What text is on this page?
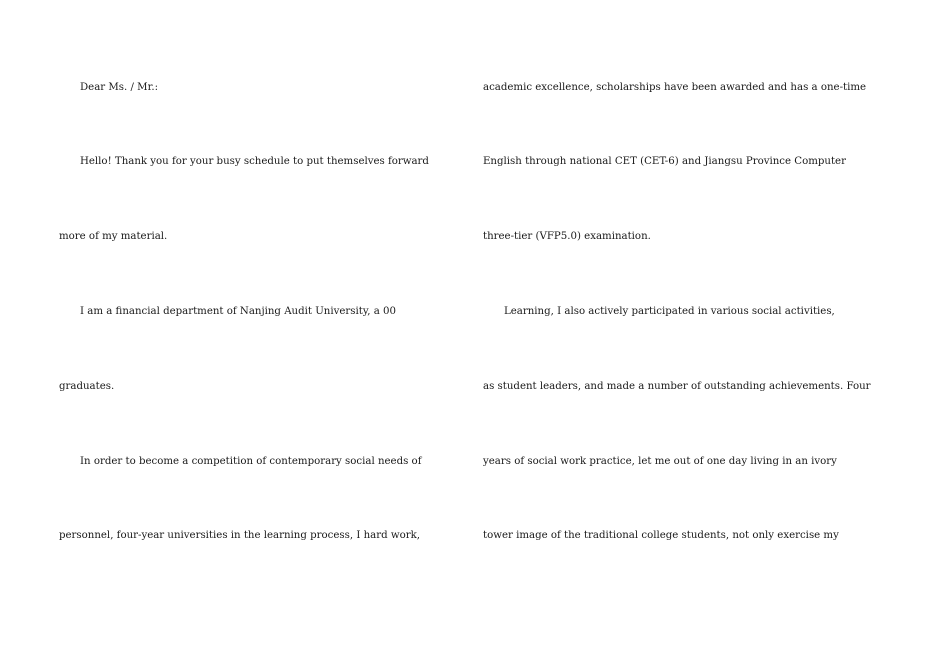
Dear Ms. / Mr.:
Hello! Thank you for your busy schedule to put themselves forward
more of my material.
I am a financial department of Nanjing Audit University, a 00
graduates.
In order to become a competition of contemporary social needs of
personnel, four-year universities in the learning process, I hard work,
academic excellence, scholarships have been awarded and has a one-time
English through national CET (CET-6) and Jiangsu Province Computer
three-tier (VFP5.0) examination.
Learning, I also actively participated in various social activities,
as student leaders, and made a number of outstanding achievements. Four
years of social work practice, let me out of one day living in an ivory
tower image of the traditional college students, not only exercise my
